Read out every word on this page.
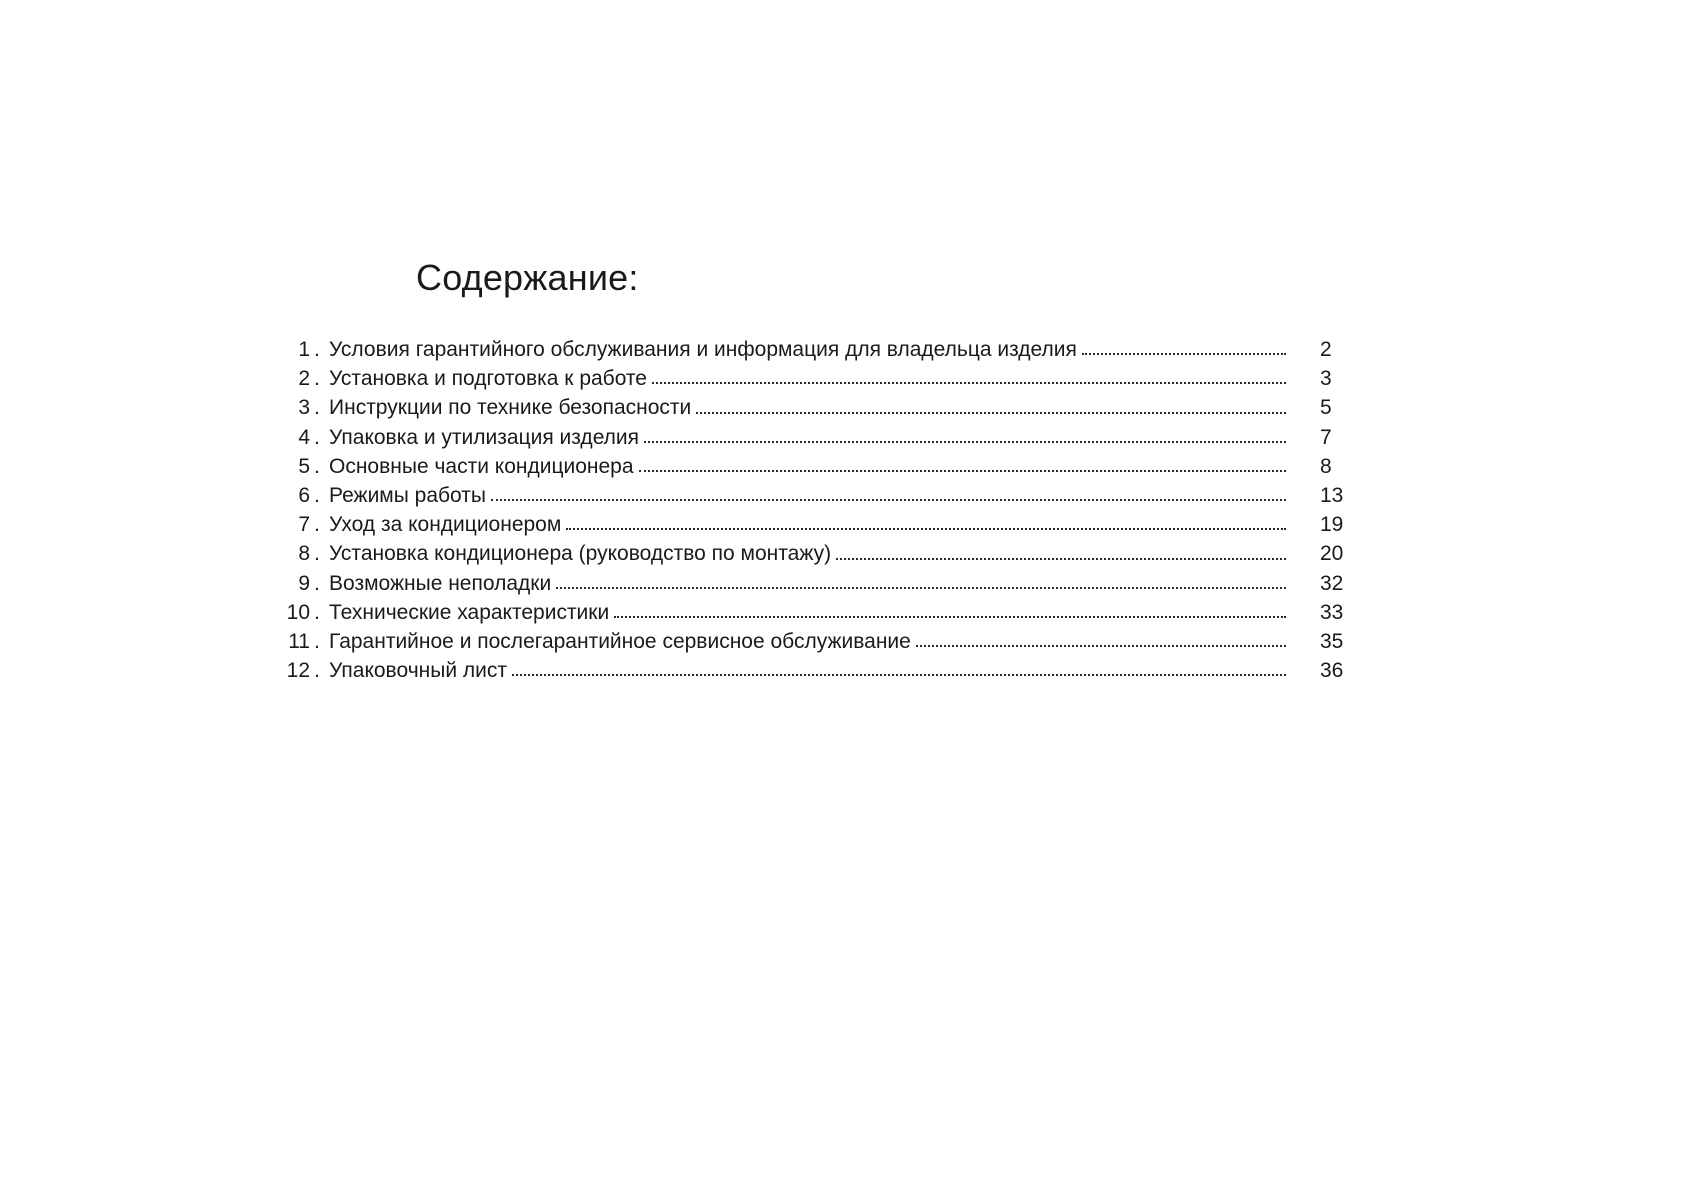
Содержание:
1 . Условия гарантийного обслуживания и информация для владельца изделия	2
2 . Установка и подготовка к работе	3
3 . Инструкции по технике безопасности	5
4 . Упаковка и утилизация изделия	7
5 . Основные части кондиционера	8
6 . Режимы работы	13
7 . Уход за кондиционером	19
8 . Установка кондиционера (руководство по монтажу)	20
9 . Возможные неполадки	32
10 . Технические характеристики	33
11 . Гарантийное и послегарантийное сервисное обслуживание	35
12 . Упаковочный лист	36
